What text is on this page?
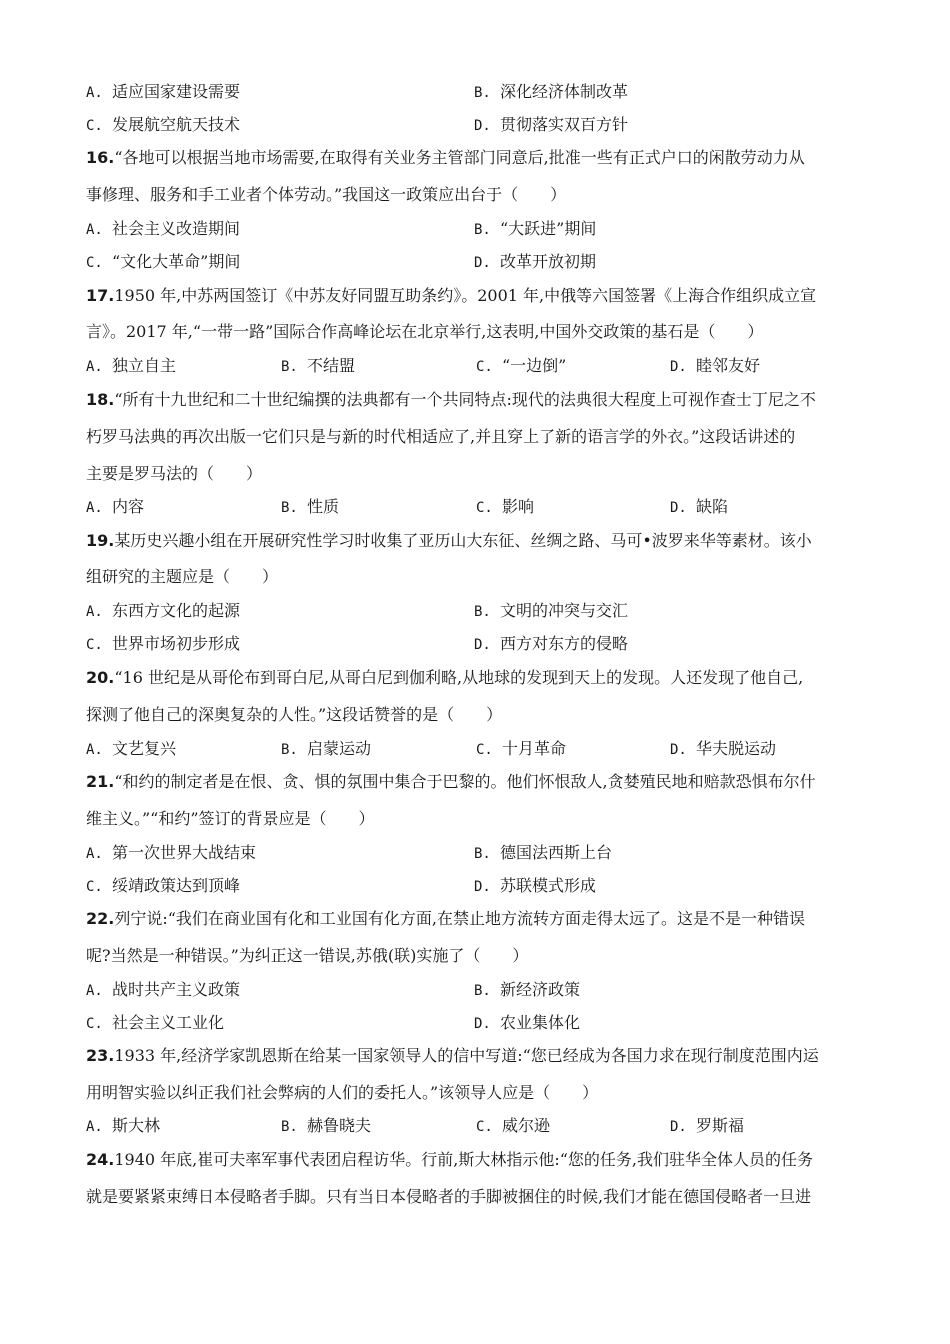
A. 适应国家建设需要	B. 深化经济体制改革
C. 发展航空航天技术	D. 贯彻落实双百方针
16.“各地可以根据当地市场需要,在取得有关业务主管部门同意后,批准一些有正式户口的闲散劳动力从
事修理、服务和手工业者个体劳动。”我国这一政策应出台于（　　）
A. 社会主义改造期间	B. “大跃进”期间
C. “文化大革命”期间	D. 改革开放初期
17.1950 年,中苏两国签订《中苏友好同盟互助条约》。2001 年,中俄等六国签署《上海合作组织成立宣
言》。2017 年,“一带一路”国际合作高峰论坛在北京举行,这表明,中国外交政策的基石是（　　）
A. 独立自主	B. 不结盟	C. “一边倒”	D. 睦邻友好
18.“所有十九世纪和二十世纪编撰的法典都有一个共同特点:现代的法典很大程度上可视作查士丁尼之不
朽罗马法典的再次出版一它们只是与新的时代相适应了,并且穿上了新的语言学的外衣。”这段话讲述的
主要是罗马法的（　　）
A. 内容	B. 性质	C. 影响	D. 缺陷
19.某历史兴趣小组在开展研究性学习时收集了亚历山大东征、丝绸之路、马可•波罗来华等素材。该小
组研究的主题应是（　　）
A. 东西方文化的起源	B. 文明的冲突与交汇
C. 世界市场初步形成	D. 西方对东方的侵略
20.“16 世纪是从哥伦布到哥白尼,从哥白尼到伽利略,从地球的发现到天上的发现。人还发现了他自己,
探测了他自己的深奥复杂的人性。”这段话赞誉的是（　　）
A. 文艺复兴	B. 启蒙运动	C. 十月革命	D. 华夫脱运动
21.“和约的制定者是在恨、贪、惧的氛围中集合于巴黎的。他们怀恨敌人,贪婪殖民地和赔款恐惧布尔什
维主义。”“和约”签订的背景应是（　　）
A. 第一次世界大战结束	B. 德国法西斯上台
C. 绥靖政策达到顶峰	D. 苏联模式形成
22.列宁说:“我们在商业国有化和工业国有化方面,在禁止地方流转方面走得太远了。这是不是一种错误
呢?当然是一种错误。”为纠正这一错误,苏俄(联)实施了（　　）
A. 战时共产主义政策	B. 新经济政策
C. 社会主义工业化	D. 农业集体化
23.1933 年,经济学家凯恩斯在给某一国家领导人的信中写道:“您已经成为各国力求在现行制度范围内运
用明智实验以纠正我们社会弊病的人们的委托人。”该领导人应是（　　）
A. 斯大林	B. 赫鲁晓夫	C. 威尔逊	D. 罗斯福
24.1940 年底,崔可夫率军事代表团启程访华。行前,斯大林指示他:“您的任务,我们驻华全体人员的任务
就是要紧紧束缚日本侵略者手脚。只有当日本侵略者的手脚被捆住的时候,我们才能在德国侵略者一旦进
